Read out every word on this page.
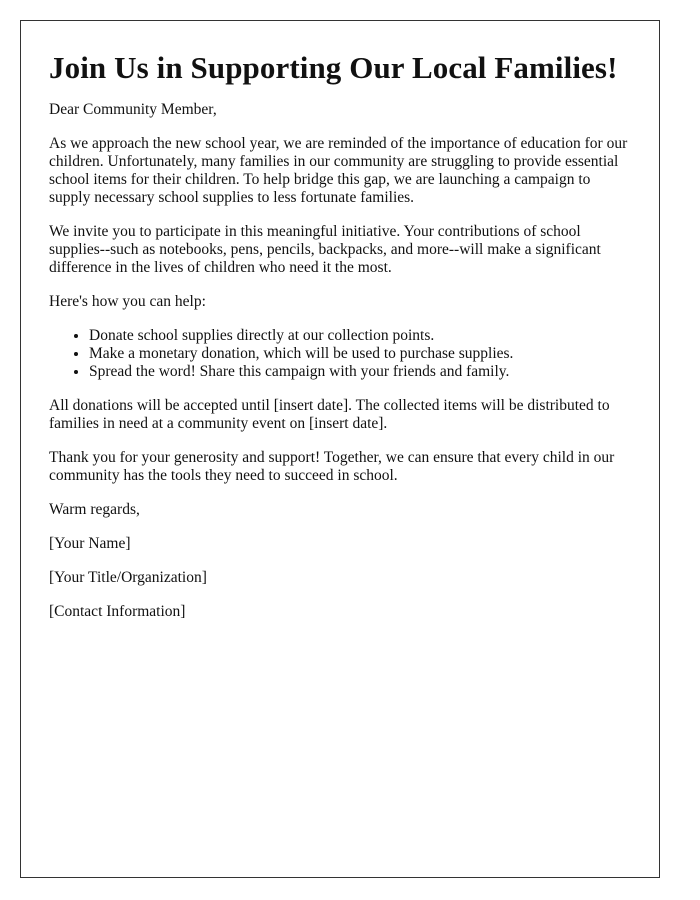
Join Us in Supporting Our Local Families!

Dear Community Member,

As we approach the new school year, we are reminded of the importance of education for our children. Unfortunately, many families in our community are struggling to provide essential school items for their children. To help bridge this gap, we are launching a campaign to supply necessary school supplies to less fortunate families.

We invite you to participate in this meaningful initiative. Your contributions of school supplies--such as notebooks, pens, pencils, backpacks, and more--will make a significant difference in the lives of children who need it the most.

Here's how you can help:

• Donate school supplies directly at our collection points.
• Make a monetary donation, which will be used to purchase supplies.
• Spread the word! Share this campaign with your friends and family.

All donations will be accepted until [insert date]. The collected items will be distributed to families in need at a community event on [insert date].

Thank you for your generosity and support! Together, we can ensure that every child in our community has the tools they need to succeed in school.

Warm regards,

[Your Name]

[Your Title/Organization]

[Contact Information]
